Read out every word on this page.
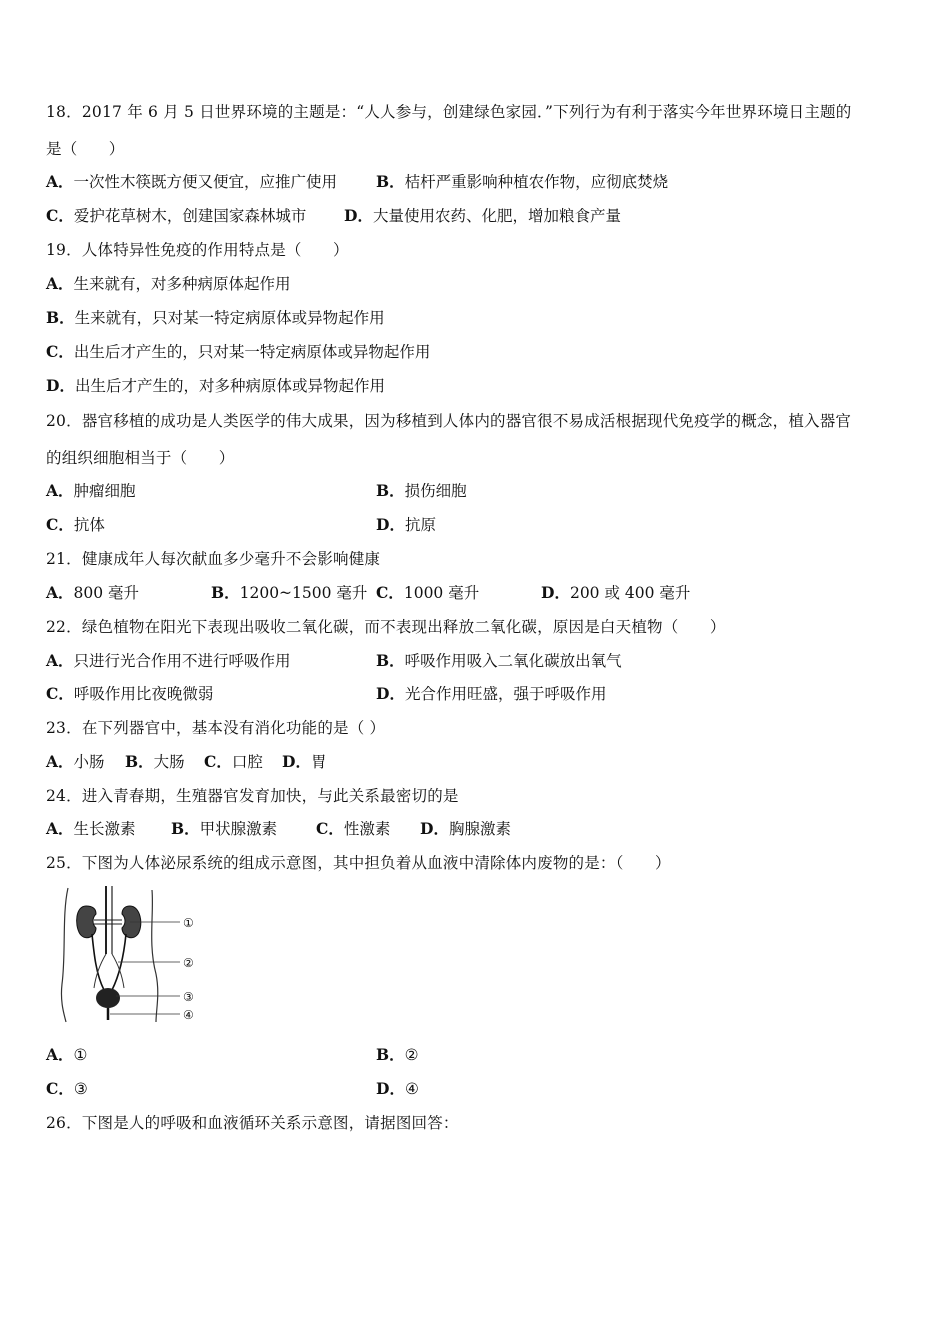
18．2017 年 6 月 5 日世界环境的主题是：“人人参与，创建绿色家园．”下列行为有利于落实今年世界环境日主题的
是（　　）
A．一次性木筷既方便又便宜，应推广使用	B．桔杆严重影响种植农作物，应彻底焚烧
C．爱护花草树木，创建国家森林城市 D．大量使用农药、化肥，增加粮食产量
19．人体特异性免疫的作用特点是（　　）
A．生来就有，对多种病原体起作用
B．生来就有，只对某一特定病原体或异物起作用
C．出生后才产生的，只对某一特定病原体或异物起作用
D．出生后才产生的，对多种病原体或异物起作用
20．器官移植的成功是人类医学的伟大成果，因为移植到人体内的器官很不易成活根据现代免疫学的概念，植入器官
的组织细胞相当于（　　）
A．肿瘤细胞	B．损伤细胞
C．抗体	D．抗原
21．健康成年人每次献血多少毫升不会影响健康
A．800 毫升	B．1200~1500 毫升 C．1000 毫升	D．200 或 400 毫升
22．绿色植物在阳光下表现出吸收二氧化碳，而不表现出释放二氧化碳，原因是白天植物（　　）
A．只进行光合作用不进行呼吸作用	B．呼吸作用吸入二氧化碳放出氧气
C．呼吸作用比夜晚微弱	D．光合作用旺盛，强于呼吸作用
23．在下列器官中，基本没有消化功能的是（ ）
A．小肠 B．大肠 C．口腔 D．胃
24．进入青春期，生殖器官发育加快，与此关系最密切的是
A．生长激素 B．甲状腺激素	C．性激素 D．胸腺激素
25．下图为人体泌尿系统的组成示意图，其中担负着从血液中清除体内废物的是：（　　）
①
②
③
④
A．①	B．②
C．③	D．④
26．下图是人的呼吸和血液循环关系示意图，请据图回答：
